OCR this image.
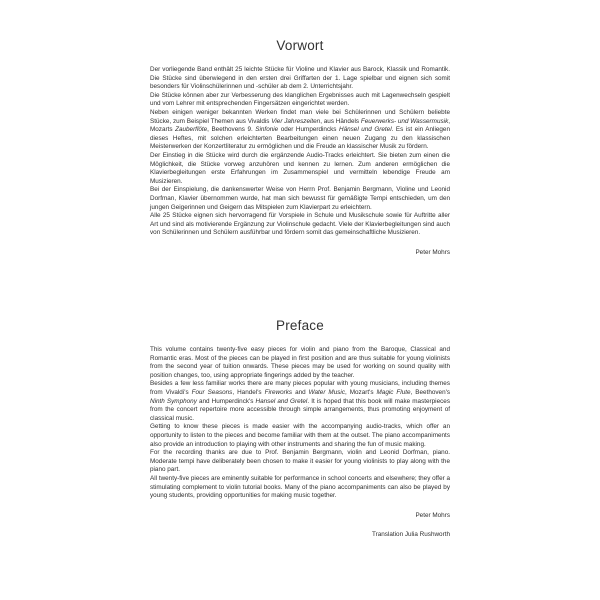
Vorwort

Der vorliegende Band enthält 25 leichte Stücke für Violine und Klavier aus Barock, Klassik und Romantik. Die Stücke sind überwiegend in den ersten drei Griffarten der 1. Lage spielbar und eignen sich somit besonders für Violinschülerinnen und -schüler ab dem 2. Unterrichtsjahr.

Die Stücke können aber zur Verbesserung des klanglichen Ergebnisses auch mit Lagenwechseln gespielt und vom Lehrer mit entsprechenden Fingersätzen eingerichtet werden.

Neben einigen weniger bekannten Werken findet man viele bei Schülerinnen und Schülern beliebte Stücke, zum Beispiel Themen aus Vivaldis Vier Jahreszeiten, aus Händels Feuerwerks- und Wassermusik, Mozarts Zauberflöte, Beethovens 9. Sinfonie oder Humperdincks Hänsel und Gretel. Es ist ein Anliegen dieses Heftes, mit solchen erleichterten Bearbeitungen einen neuen Zugang zu den klassischen Meisterwerken der Konzertliteratur zu ermöglichen und die Freude an klassischer Musik zu fördern.

Der Einstieg in die Stücke wird durch die ergänzende Audio-Tracks erleichtert. Sie bieten zum einen die Möglichkeit, die Stücke vorweg anzuhören und kennen zu lernen. Zum anderen ermöglichen die Klavierbegleitungen erste Erfahrungen im Zusammenspiel und vermitteln lebendige Freude am Musizieren.

Bei der Einspielung, die dankenswerter Weise von Herrn Prof. Benjamin Bergmann, Violine und Leonid Dorfman, Klavier übernommen wurde, hat man sich bewusst für gemäßigte Tempi entschieden, um den jungen Geigerinnen und Geigern das Mitspielen zum Klavierpart zu erleichtern.

Alle 25 Stücke eignen sich hervorragend für Vorspiele in Schule und Musikschule sowie für Auftritte aller Art und sind als motivierende Ergänzung zur Violinschule gedacht. Viele der Klavierbegleitungen sind auch von Schülerinnen und Schülern ausführbar und fördern somit das gemeinschaftliche Musizieren.

Peter Mohrs

Preface

This volume contains twenty-five easy pieces for violin and piano from the Baroque, Classical and Romantic eras. Most of the pieces can be played in first position and are thus suitable for young violinists from the second year of tuition onwards. These pieces may be used for working on sound quality with position changes, too, using appropriate fingerings added by the teacher.

Besides a few less familiar works there are many pieces popular with young musicians, including themes from Vivaldi's Four Seasons, Handel's Fireworks and Water Music, Mozart's Magic Flute, Beethoven's Ninth Symphony and Humperdinck's Hansel and Gretel. It is hoped that this book will make masterpieces from the concert repertoire more accessible through simple arrangements, thus promoting enjoyment of classical music.

Getting to know these pieces is made easier with the accompanying audio-tracks, which offer an opportunity to listen to the pieces and become familiar with them at the outset. The piano accompaniments also provide an introduction to playing with other instruments and sharing the fun of music making.

For the recording thanks are due to Prof. Benjamin Bergmann, violin and Leonid Dorfman, piano. Moderate tempi have deliberately been chosen to make it easier for young violinists to play along with the piano part.

All twenty-five pieces are eminently suitable for performance in school concerts and elsewhere; they offer a stimulating complement to violin tutorial books. Many of the piano accompaniments can also be played by young students, providing opportunities for making music together.

Peter Mohrs

Translation Julia Rushworth
